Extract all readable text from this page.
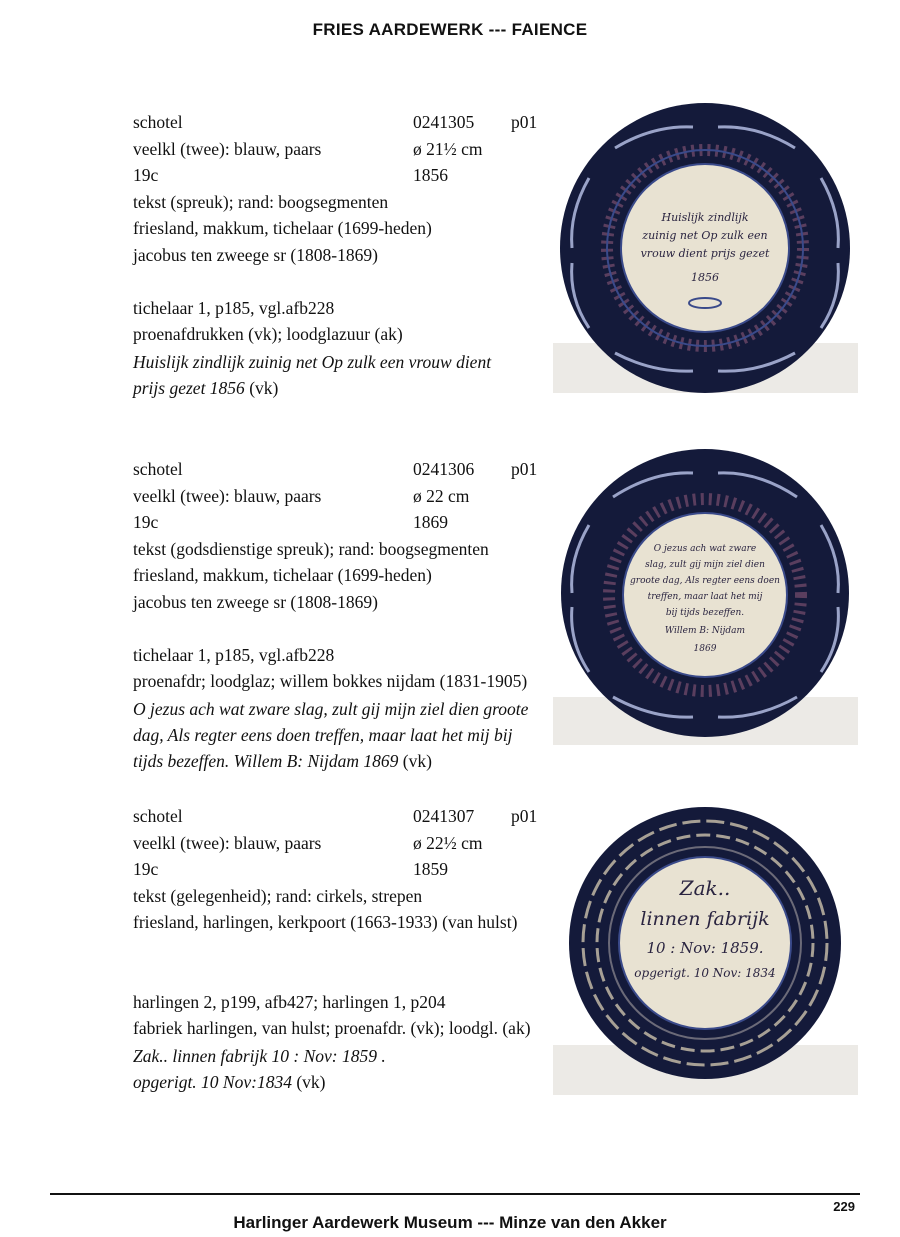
FRIES AARDEWERK --- FAIENCE
schotel	0241305 p01
veelkl (twee): blauw, paars	ø 21½ cm
19c	1856
tekst (spreuk); rand: boogsegmenten
friesland, makkum, tichelaar (1699-heden)
jacobus ten zweege sr (1808-1869)
tichelaar 1, p185, vgl.afb228
proenafdrukken (vk); loodglazuur (ak)
Huislijk zindlijk zuinig net Op zulk een vrouw dient prijs gezet 1856 (vk)
schotel	0241306 p01
veelkl (twee): blauw, paars	ø 22 cm
19c	1869
tekst (godsdienstige spreuk); rand: boogsegmenten
friesland, makkum, tichelaar (1699-heden)
jacobus ten zweege sr (1808-1869)
tichelaar 1, p185, vgl.afb228
proenafdr; loodglaz; willem bokkes nijdam (1831-1905)
O jezus ach wat zware slag, zult gij mijn ziel dien groote dag, Als regter eens doen treffen, maar laat het mij bij tijds bezeffen. Willem B: Nijdam 1869 (vk)
schotel	0241307 p01
veelkl (twee): blauw, paars	ø 22½ cm
19c	1859
tekst (gelegenheid); rand: cirkels, strepen
friesland, harlingen, kerkpoort (1663-1933) (van hulst)
harlingen 2, p199, afb427; harlingen 1, p204
fabriek harlingen, van hulst; proenafdr. (vk); loodgl. (ak)
Zak.. linnen fabrijk 10 : Nov: 1859 . opgerigt. 10 Nov:1834 (vk)
Huislijk zindlijk
zuinig net Op zulk een
vrouw dient prijs gezet
1856
O jezus ach wat zware
slag, zult gij mijn ziel dien
groote dag, Als regter eens doen
treffen, maar laat het mij
bij tijds bezeffen.
Willem B: Nijdam
1869
Zak..
linnen fabrijk
10 : Nov: 1859.
opgerigt. 10 Nov: 1834
229
Harlinger Aardewerk Museum --- Minze van den Akker
